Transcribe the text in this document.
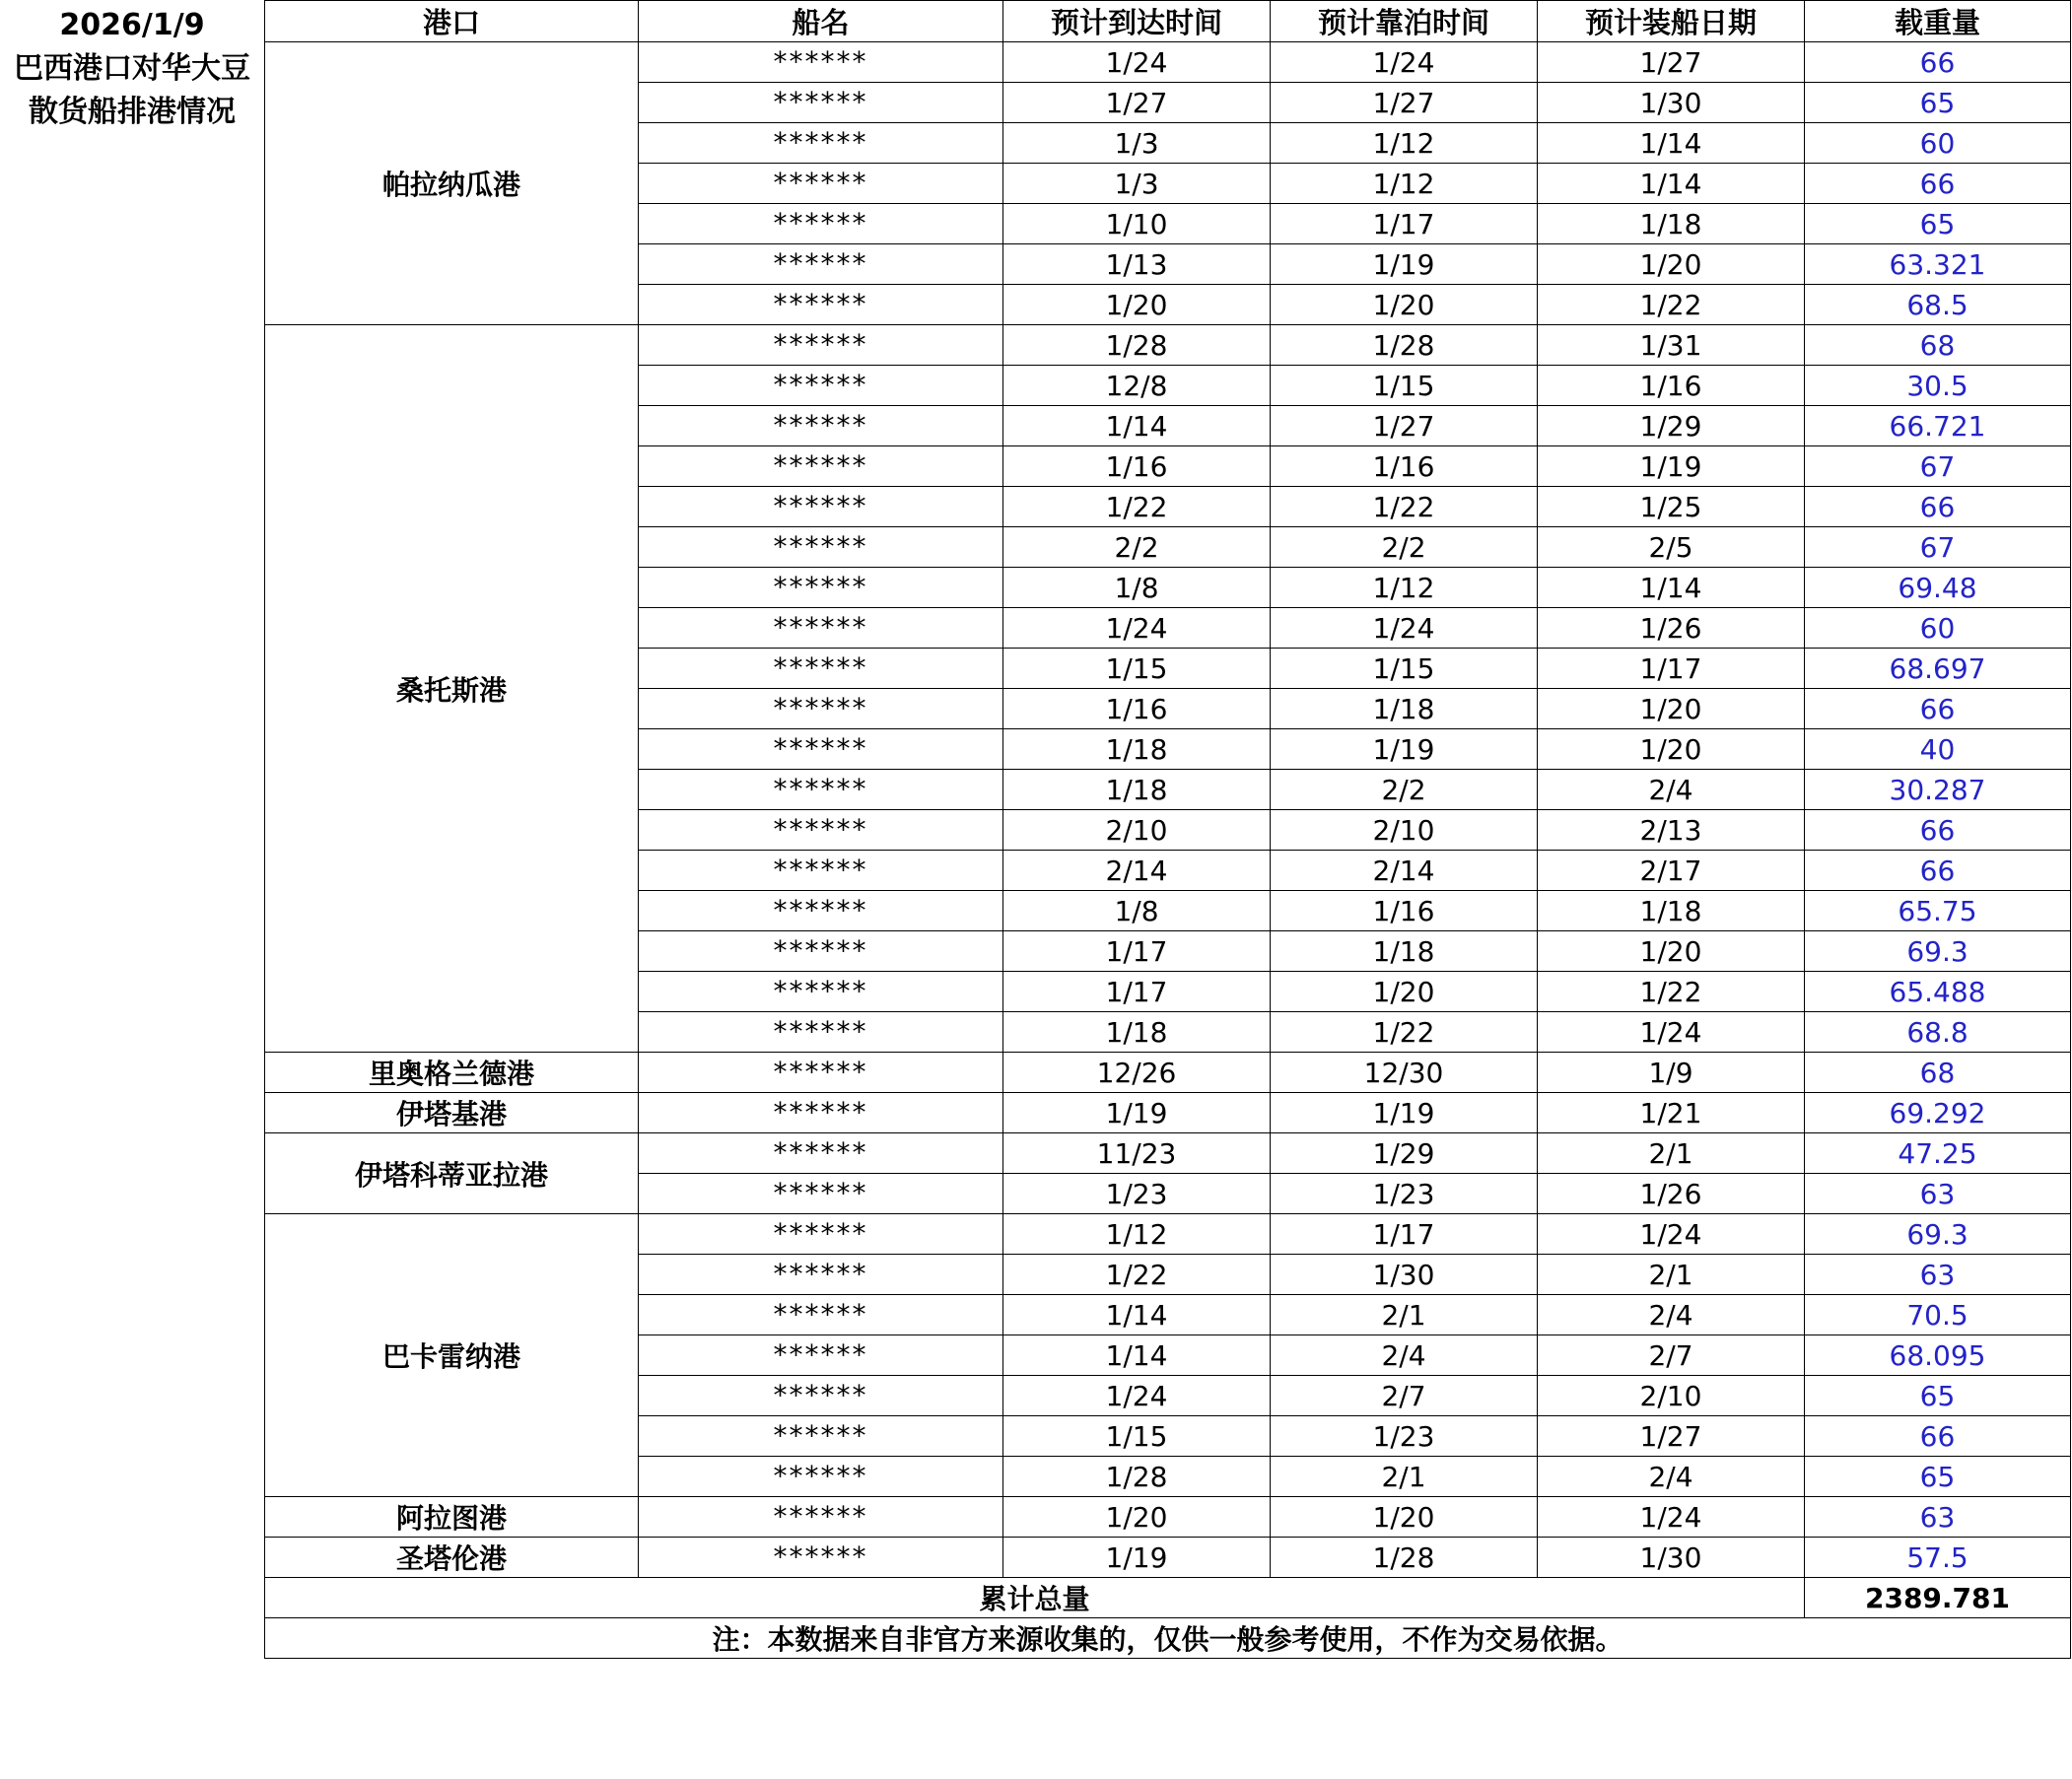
2026/1/9
巴西港口对华大豆
散货船排港情况
港口	船名	预计到达时间	预计靠泊时间	预计装船日期	载重量
帕拉纳瓜港	******	1/24	1/24	1/27	66
	******	1/27	1/27	1/30	65
	******	1/3	1/12	1/14	60
	******	1/3	1/12	1/14	66
	******	1/10	1/17	1/18	65
	******	1/13	1/19	1/20	63.321
	******	1/20	1/20	1/22	68.5
桑托斯港	******	1/28	1/28	1/31	68
	******	12/8	1/15	1/16	30.5
	******	1/14	1/27	1/29	66.721
	******	1/16	1/16	1/19	67
	******	1/22	1/22	1/25	66
	******	2/2	2/2	2/5	67
	******	1/8	1/12	1/14	69.48
	******	1/24	1/24	1/26	60
	******	1/15	1/15	1/17	68.697
	******	1/16	1/18	1/20	66
	******	1/18	1/19	1/20	40
	******	1/18	2/2	2/4	30.287
	******	2/10	2/10	2/13	66
	******	2/14	2/14	2/17	66
	******	1/8	1/16	1/18	65.75
	******	1/17	1/18	1/20	69.3
	******	1/17	1/20	1/22	65.488
	******	1/18	1/22	1/24	68.8
里奥格兰德港	******	12/26	12/30	1/9	68
伊塔基港	******	1/19	1/19	1/21	69.292
伊塔科蒂亚拉港	******	11/23	1/29	2/1	47.25
	******	1/23	1/23	1/26	63
巴卡雷纳港	******	1/12	1/17	1/24	69.3
	******	1/22	1/30	2/1	63
	******	1/14	2/1	2/4	70.5
	******	1/14	2/4	2/7	68.095
	******	1/24	2/7	2/10	65
	******	1/15	1/23	1/27	66
	******	1/28	2/1	2/4	65
阿拉图港	******	1/20	1/20	1/24	63
圣塔伦港	******	1/19	1/28	1/30	57.5
累计总量					2389.781
注：本数据来自非官方来源收集的，仅供一般参考使用，不作为交易依据。					
